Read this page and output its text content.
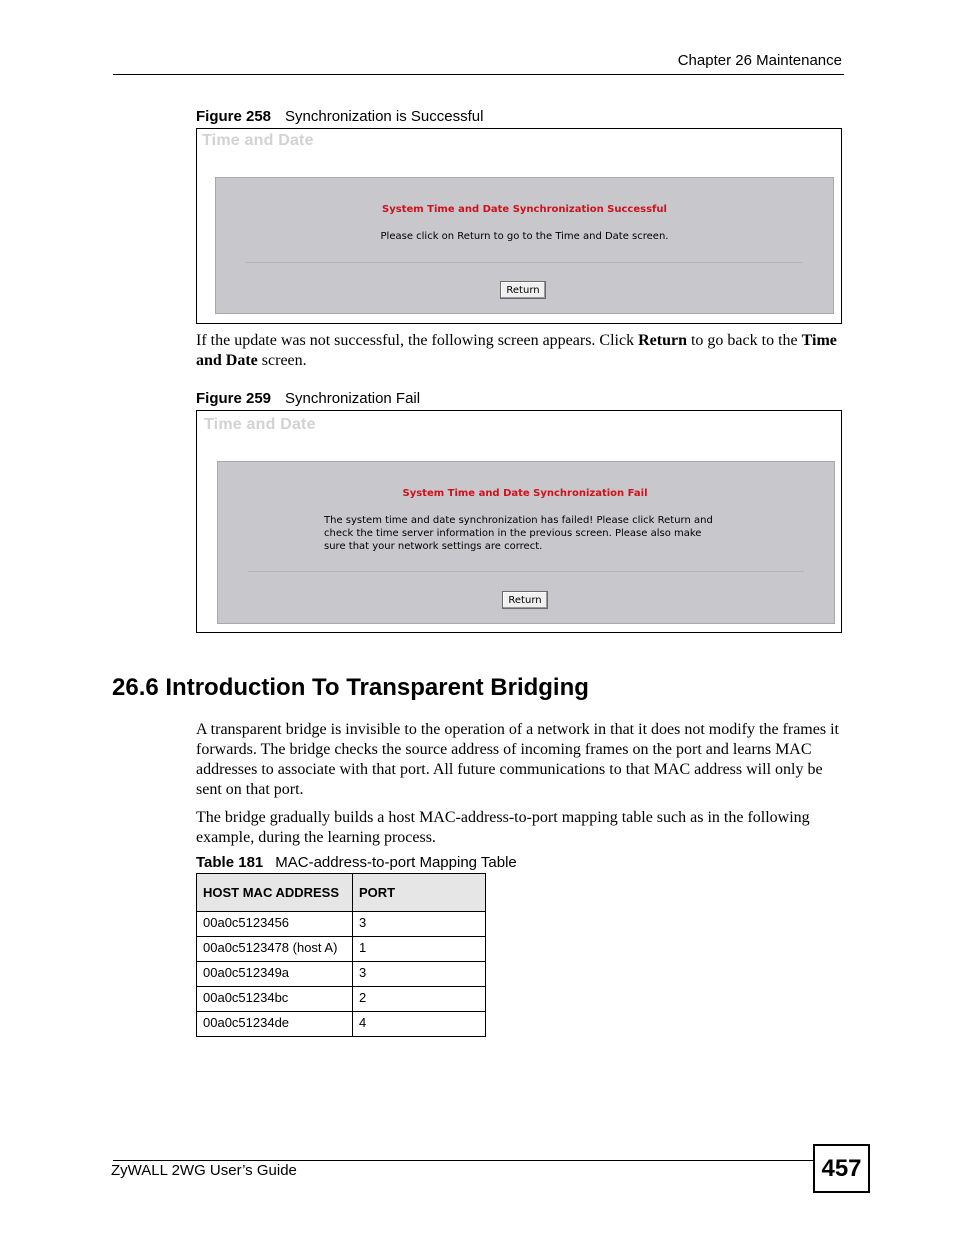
Chapter 26 Maintenance
Figure 258 Synchronization is Successful
Time and Date
System Time and Date Synchronization Successful
Please click on Return to go to the Time and Date screen.
Return
If the update was not successful, the following screen appears. Click Return to go back to the Time and Date screen.
Figure 259 Synchronization Fail
Time and Date
System Time and Date Synchronization Fail
The system time and date synchronization has failed! Please click Return and
check the time server information in the previous screen. Please also make
sure that your network settings are correct.
Return
26.6 Introduction To Transparent Bridging
A transparent bridge is invisible to the operation of a network in that it does not modify the frames it forwards. The bridge checks the source address of incoming frames on the port and learns MAC addresses to associate with that port. All future communications to that MAC address will only be sent on that port.
The bridge gradually builds a host MAC-address-to-port mapping table such as in the following example, during the learning process.
Table 181 MAC-address-to-port Mapping Table
HOST MAC ADDRESS	PORT
00a0c5123456	3
00a0c5123478 (host A)	1
00a0c512349a	3
00a0c51234bc	2
00a0c51234de	4
ZyWALL 2WG User’s Guide	457
